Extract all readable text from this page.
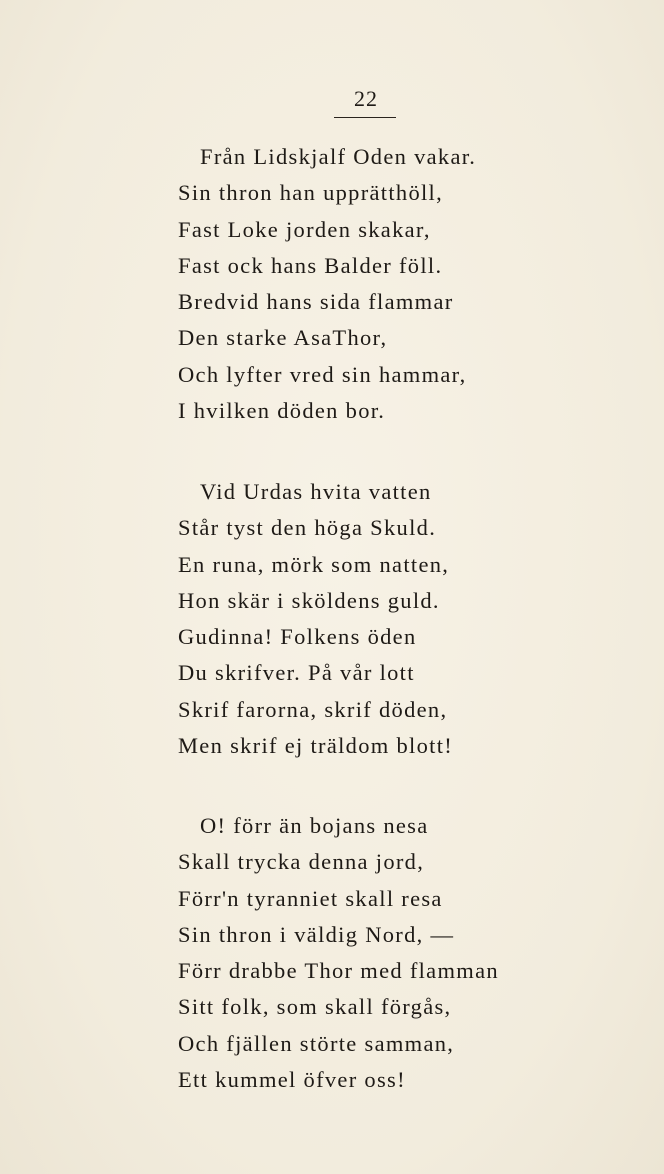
22
Från Lidskjalf Oden vakar.
Sin thron han upprätthöll,
Fast Loke jorden skakar,
Fast ock hans Balder föll.
Bredvid hans sida flammar
Den starke AsaThor,
Och lyfter vred sin hammar,
I hvilken döden bor.
Vid Urdas hvita vatten
Står tyst den höga Skuld.
En runa, mörk som natten,
Hon skär i sköldens guld.
Gudinna! Folkens öden
Du skrifver. På vår lott
Skrif farorna, skrif döden,
Men skrif ej träldom blott!
O! förr än bojans nesa
Skall trycka denna jord,
Förr'n tyranniet skall resa
Sin thron i väldig Nord, —
Förr drabbe Thor med flamman
Sitt folk, som skall förgås,
Och fjällen störte samman,
Ett kummel öfver oss!
